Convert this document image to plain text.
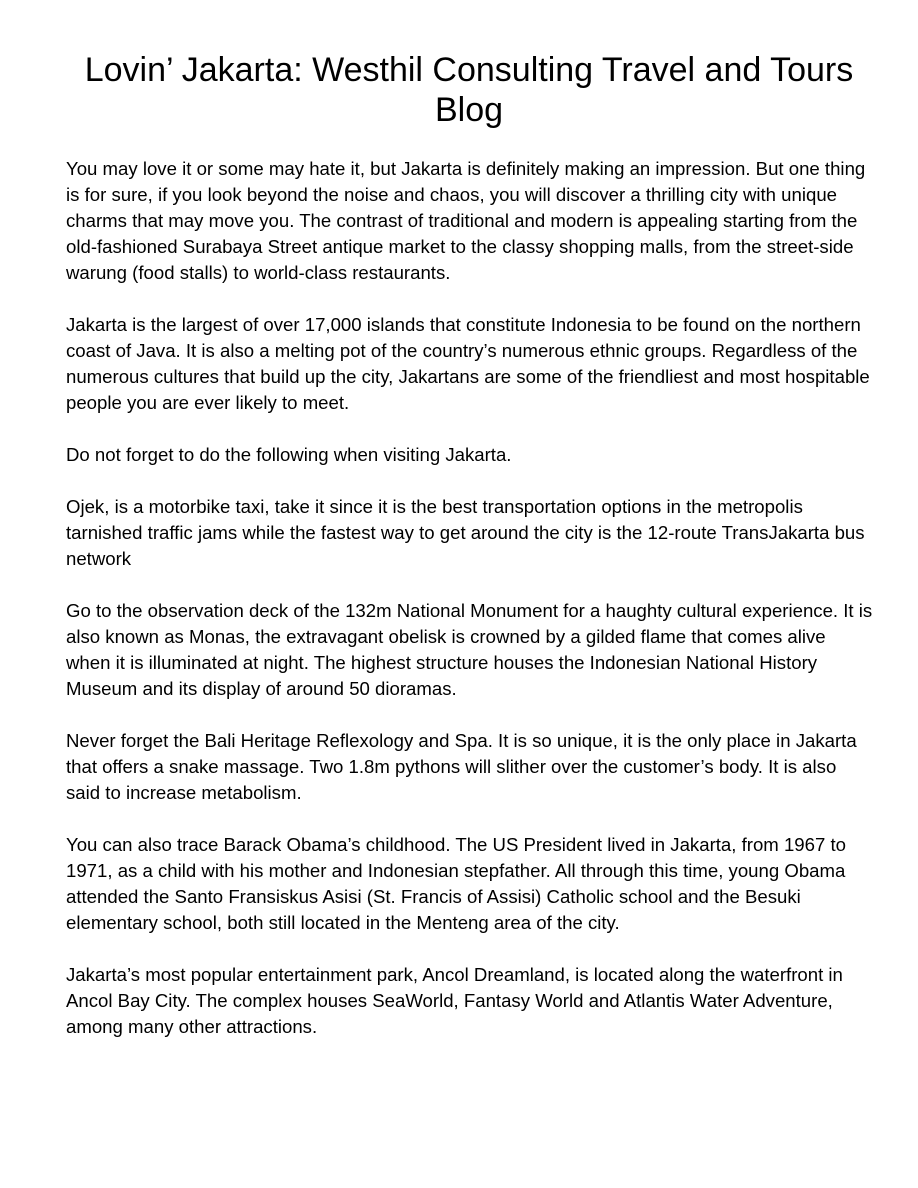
Lovin’ Jakarta: Westhil Consulting Travel and Tours Blog

You may love it or some may hate it, but Jakarta is definitely making an impression. But one thing is for sure, if you look beyond the noise and chaos, you will discover a thrilling city with unique charms that may move you. The contrast of traditional and modern is appealing starting from the old-fashioned Surabaya Street antique market to the classy shopping malls, from the street-side warung (food stalls) to world-class restaurants.

Jakarta is the largest of over 17,000 islands that constitute Indonesia to be found on the northern coast of Java. It is also a melting pot of the country’s numerous ethnic groups. Regardless of the numerous cultures that build up the city, Jakartans are some of the friendliest and most hospitable people you are ever likely to meet.

Do not forget to do the following when visiting Jakarta.

Ojek, is a motorbike taxi, take it since it is the best transportation options in the metropolis tarnished traffic jams while the fastest way to get around the city is the 12-route TransJakarta bus network

Go to the observation deck of the 132m National Monument for a haughty cultural experience. It is also known as Monas, the extravagant obelisk is crowned by a gilded flame that comes alive when it is illuminated at night. The highest structure houses the Indonesian National History Museum and its display of around 50 dioramas.

Never forget the Bali Heritage Reflexology and Spa. It is so unique, it is the only place in Jakarta that offers a snake massage. Two 1.8m pythons will slither over the customer’s body. It is also said to increase metabolism.

You can also trace Barack Obama’s childhood. The US President lived in Jakarta, from 1967 to 1971, as a child with his mother and Indonesian stepfather. All through this time, young Obama attended the Santo Fransiskus Asisi (St. Francis of Assisi) Catholic school and the Besuki elementary school, both still located in the Menteng area of the city.

Jakarta’s most popular entertainment park, Ancol Dreamland, is located along the waterfront in Ancol Bay City. The complex houses SeaWorld, Fantasy World and Atlantis Water Adventure, among many other attractions.
